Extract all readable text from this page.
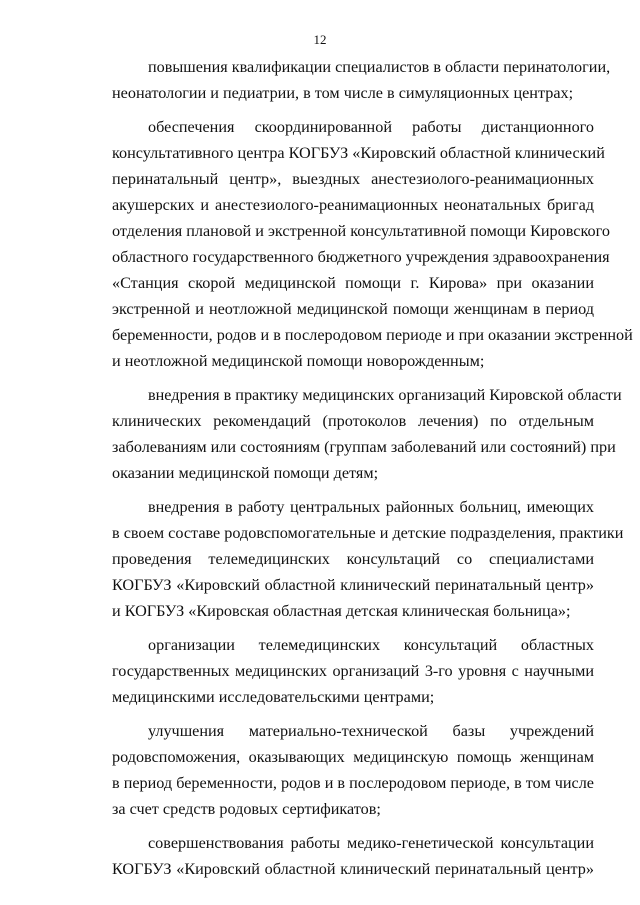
12
повышения квалификации специалистов в области перинатологии,
неонатологии и педиатрии, в том числе в симуляционных центрах;
обеспечения скоординированной работы дистанционного
консультативного центра КОГБУЗ «Кировский областной клинический
перинатальный центр», выездных анестезиолого-реанимационных
акушерских и анестезиолого-реанимационных неонатальных бригад
отделения плановой и экстренной консультативной помощи Кировского
областного государственного бюджетного учреждения здравоохранения
«Станция скорой медицинской помощи г. Кирова» при оказании
экстренной и неотложной медицинской помощи женщинам в период
беременности, родов и в послеродовом периоде и при оказании экстренной
и неотложной медицинской помощи новорожденным;
внедрения в практику медицинских организаций Кировской области
клинических рекомендаций (протоколов лечения) по отдельным
заболеваниям или состояниям (группам заболеваний или состояний) при
оказании медицинской помощи детям;
внедрения в работу центральных районных больниц, имеющих
в своем составе родовспомогательные и детские подразделения, практики
проведения телемедицинских консультаций со специалистами
КОГБУЗ «Кировский областной клинический перинатальный центр»
и КОГБУЗ «Кировская областная детская клиническая больница»;
организации телемедицинских консультаций областных
государственных медицинских организаций 3-го уровня с научными
медицинскими исследовательскими центрами;
улучшения материально-технической базы учреждений
родовспоможения, оказывающих медицинскую помощь женщинам
в период беременности, родов и в послеродовом периоде, в том числе
за счет средств родовых сертификатов;
совершенствования работы медико-генетической консультации
КОГБУЗ «Кировский областной клинический перинатальный центр»
